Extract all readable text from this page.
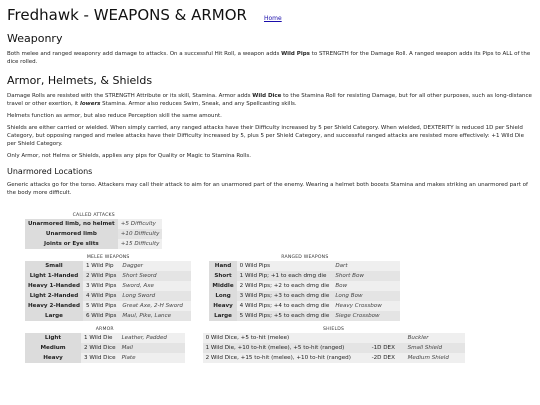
Fredhawk - WEAPONS & ARMOR	Home
Weaponry

Both melee and ranged weaponry add damage to attacks. On a successful Hit Roll, a weapon adds Wild Pips to STRENGTH for the Damage Roll. A ranged weapon adds its Pips to ALL of the dice rolled.

Armor, Helmets, & Shields

Damage Rolls are resisted with the STRENGTH Attribute or its skill, Stamina. Armor adds Wild Dice to the Stamina Roll for resisting Damage, but for all other purposes, such as long-distance travel or other exertion, it lowers Stamina. Armor also reduces Swim, Sneak, and any Spellcasting skills.

Helmets function as armor, but also reduce Perception skill the same amount.

Shields are either carried or wielded. When simply carried, any ranged attacks have their Difficulty increased by 5 per Shield Category. When wielded, DEXTERITY is reduced 1D per Shield Category, but opposing ranged and melee attacks have their Difficulty increased by 5, plus 5 per Shield Category, and successful ranged attacks are resisted more effectively: +1 Wild Die per Shield Category.

Only Armor, not Helms or Shields, applies any pips for Quality or Magic to Stamina Rolls.

Unarmored Locations

Generic attacks go for the torso. Attackers may call their attack to aim for an unarmored part of the enemy. Wearing a helmet both boosts Stamina and makes striking an unarmored part of the body more difficult.

CALLED ATTACKS
Unarmored limb, no helmet	+5 Difficulty
Unarmored limb	+10 Difficulty
Joints or Eye slits	+15 Difficulty
MELEE WEAPONS
Small	1 Wild Pip	Dagger
Light 1-Handed	2 Wild Pips	Short Sword
Heavy 1-Handed	3 Wild Pips	Sword, Axe
Light 2-Handed	4 Wild Pips	Long Sword
Heavy 2-Handed	5 Wild Pips	Great Axe, 2-H Sword
Large	6 Wild Pips	Maul, Pike, Lance
RANGED WEAPONS
Hand	0 Wild Pips	Dart
Short	1 Wild Pip; +1 to each dmg die	Short Bow
Middle	2 Wild Pips; +2 to each dmg die	Bow
Long	3 Wild Pips; +3 to each dmg die	Long Bow
Heavy	4 Wild Pips; +4 to each dmg die	Heavy Crossbow
Large	5 Wild Pips; +5 to each dmg die	Siege Crossbow
ARMOR
Light	1 Wild Die	Leather, Padded
Medium	2 Wild Dice	Mail
Heavy	3 Wild Dice	Plate
SHIELDS
0 Wild Dice, +5 to-hit (melee)		Buckler
1 Wild Die, +10 to-hit (melee), +5 to-hit (ranged)	-1D DEX	Small Shield
2 Wild Dice, +15 to-hit (melee), +10 to-hit (ranged)	-2D DEX	Medium Shield
